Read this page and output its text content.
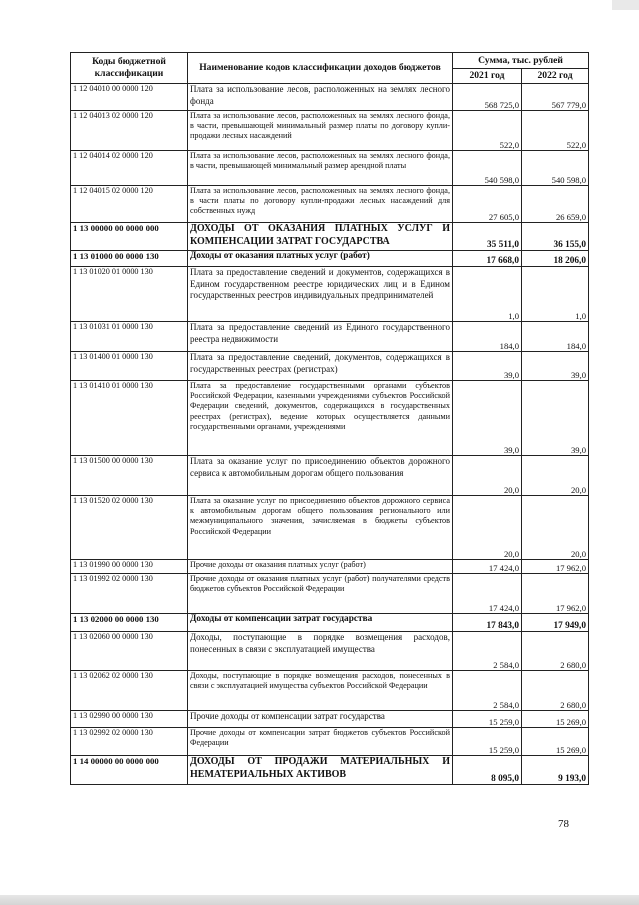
Коды бюджетной классификации	Наименование кодов классификации доходов бюджетов	Сумма, тыс. рублей	
		2021 год	2022 год
1 12 04010 00 0000 120	Плата за использование лесов, расположенных на землях лесного фонда	568 725,0	567 779,0
1 12 04013 02 0000 120	Плата за использование лесов, расположенных на землях лесного фонда, в части, превышающей минимальный размер платы по договору купли-продажи лесных насаждений	522,0	522,0
1 12 04014 02 0000 120	Плата за использование лесов, расположенных на землях лесного фонда, в части, превышающей минимальный размер арендной платы	540 598,0	540 598,0
1 12 04015 02 0000 120	Плата за использование лесов, расположенных на землях лесного фонда, в части платы по договору купли-продажи лесных насаждений для собственных нужд	27 605,0	26 659,0
1 13 00000 00 0000 000	ДОХОДЫ ОТ ОКАЗАНИЯ ПЛАТНЫХ УСЛУГ И КОМПЕНСАЦИИ ЗАТРАТ ГОСУДАРСТВА	35 511,0	36 155,0
1 13 01000 00 0000 130	Доходы от оказания платных услуг (работ)	17 668,0	18 206,0
1 13 01020 01 0000 130	Плата за предоставление сведений и документов, содержащихся в Едином государственном реестре юридических лиц и в Едином государственных реестров индивидуальных предпринимателей	1,0	1,0
1 13 01031 01 0000 130	Плата за предоставление сведений из Единого государственного реестра недвижимости	184,0	184,0
1 13 01400 01 0000 130	Плата за предоставление сведений, документов, содержащихся в государственных реестрах (регистрах)	39,0	39,0
1 13 01410 01 0000 130	Плата за предоставление государственными органами субъектов Российской Федерации, казенными учреждениями субъектов Российской Федерации сведений, документов, содержащихся в государственных реестрах (регистрах), ведение которых осуществляется данными государственными органами, учреждениями	39,0	39,0
1 13 01500 00 0000 130	Плата за оказание услуг по присоединению объектов дорожного сервиса к автомобильным дорогам общего пользования	20,0	20,0
1 13 01520 02 0000 130	Плата за оказание услуг по присоединению объектов дорожного сервиса к автомобильным дорогам общего пользования регионального или межмуниципального значения, зачисляемая в бюджеты субъектов Российской Федерации	20,0	20,0
1 13 01990 00 0000 130	Прочие доходы от оказания платных услуг (работ)	17 424,0	17 962,0
1 13 01992 02 0000 130	Прочие доходы от оказания платных услуг (работ) получателями средств бюджетов субъектов Российской Федерации	17 424,0	17 962,0
1 13 02000 00 0000 130	Доходы от компенсации затрат государства	17 843,0	17 949,0
1 13 02060 00 0000 130	Доходы, поступающие в порядке возмещения расходов, понесенных в связи с эксплуатацией имущества	2 584,0	2 680,0
1 13 02062 02 0000 130	Доходы, поступающие в порядке возмещения расходов, понесенных в связи с эксплуатацией имущества субъектов Российской Федерации	2 584,0	2 680,0
1 13 02990 00 0000 130	Прочие доходы от компенсации затрат государства	15 259,0	15 269,0
1 13 02992 02 0000 130	Прочие доходы от компенсации затрат бюджетов субъектов Российской Федерации	15 259,0	15 269,0
1 14 00000 00 0000 000	ДОХОДЫ ОТ ПРОДАЖИ МАТЕРИАЛЬНЫХ И НЕМАТЕРИАЛЬНЫХ АКТИВОВ	8 095,0	9 193,0
78
